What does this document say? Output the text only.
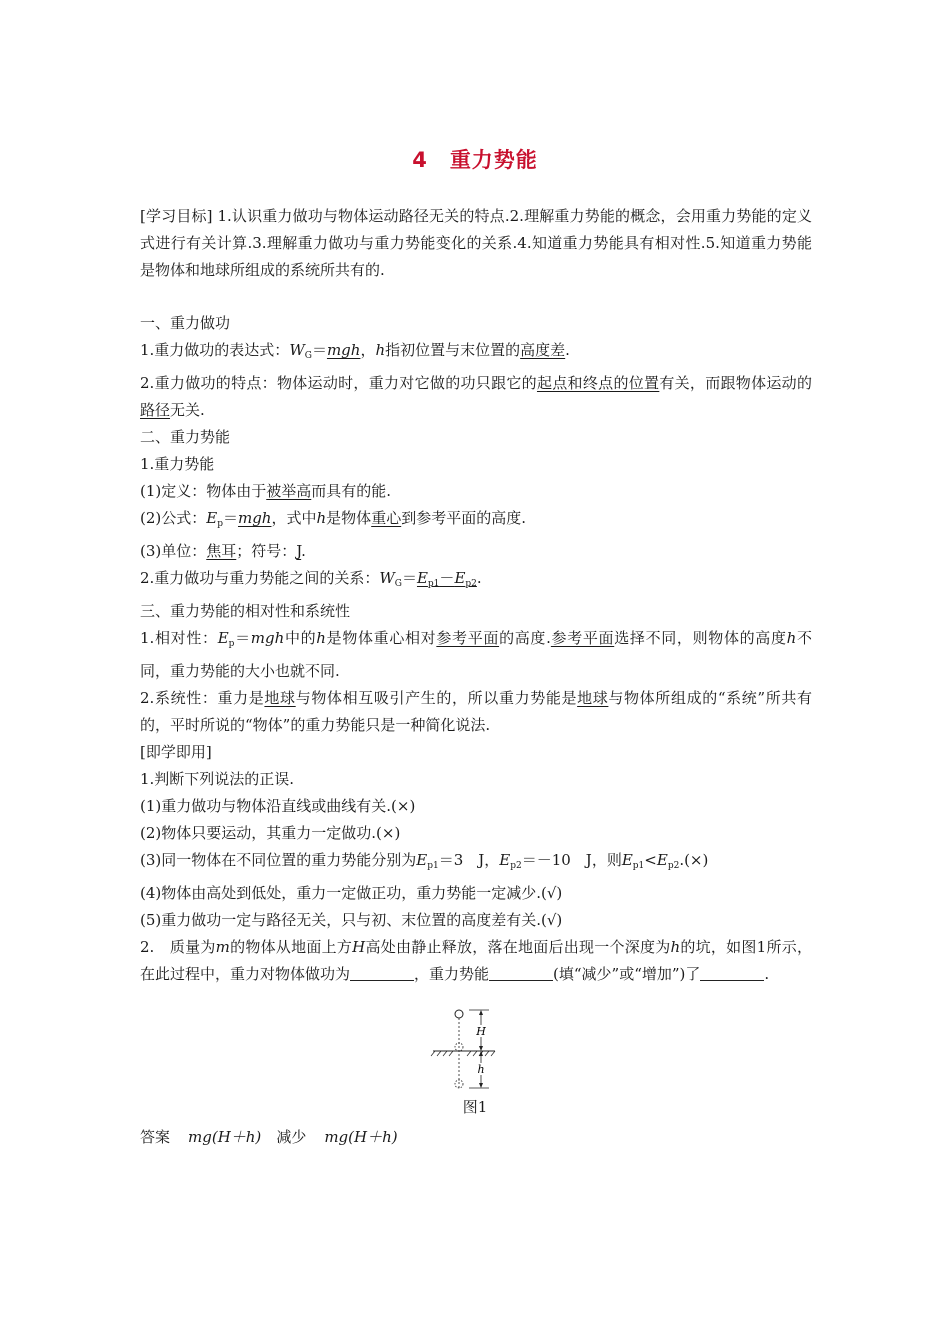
4 重力势能

[学习目标] 1.认识重力做功与物体运动路径无关的特点.2.理解重力势能的概念，会用重力势能的定义式进行有关计算.3.理解重力做功与重力势能变化的关系.4.知道重力势能具有相对性.5.知道重力势能是物体和地球所组成的系统所共有的.

一、重力做功

1.重力做功的表达式：$W_G=mgh$，h指初位置与末位置的高度差.

2.重力做功的特点：物体运动时，重力对它做的功只跟它的起点和终点的位置有关，而跟物体运动的路径无关.

二、重力势能

1.重力势能

(1)定义：物体由于被举高而具有的能.

(2)公式：$E_p=mgh$，式中h是物体重心到参考平面的高度.

(3)单位：焦耳；符号：J.

2.重力做功与重力势能之间的关系：$W_G=E_{p1}-E_{p2}$.

三、重力势能的相对性和系统性

1.相对性：$E_p=mgh$中的h是物体重心相对参考平面的高度.参考平面选择不同，则物体的高度h不同，重力势能的大小也就不同.

2.系统性：重力是地球与物体相互吸引产生的，所以重力势能是地球与物体所组成的“系统”所共有的，平时所说的“物体”的重力势能只是一种简化说法.

[即学即用]

1.判断下列说法的正误.

(1)重力做功与物体沿直线或曲线有关.(×)

(2)物体只要运动，其重力一定做功.(×)

(3)同一物体在不同位置的重力势能分别为$E_{p1}=3$　J，$E_{p2}=-10$　J，则$E_{p1}<E_{p2}.(\times)$

(4)物体由高处到低处，重力一定做正功，重力势能一定减少.(√)

(5)重力做功一定与路径无关，只与初、末位置的高度差有关.(√)

2.　质量为m的物体从地面上方H高处由静止释放，落在地面后出现一个深度为h的坑，如图1所示，在此过程中，重力对物体做功为	，重力势能	(填“减少”或“增加”)了	.

H
h
图1
答案 mg(H＋h)　 减少 mg(H＋h)
